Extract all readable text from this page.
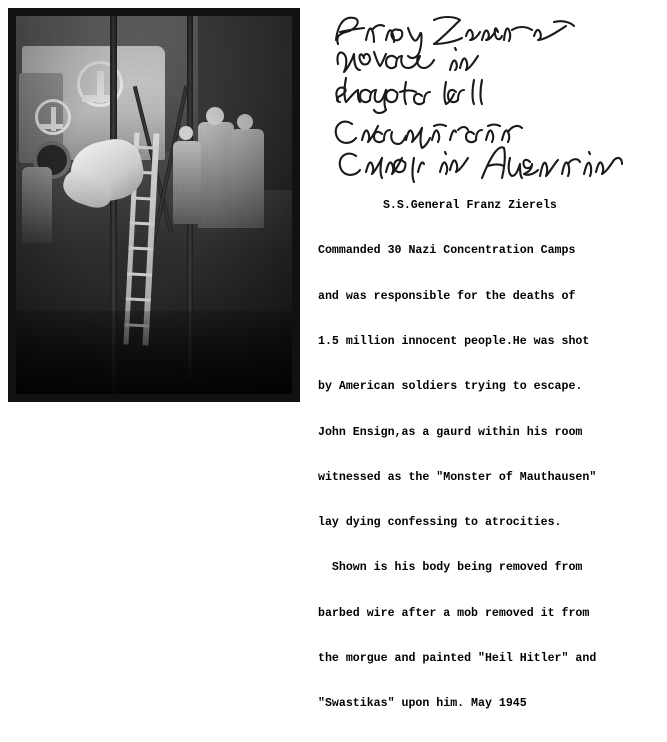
S.S.General Franz Zierels

Commanded 30 Nazi Concentration Camps

and was responsible for the deaths of

1.5 million innocent people.He was shot

by American soldiers trying to escape.

John Ensign,as a gaurd within his room

witnessed as the "Monster of Mauthausen"

lay dying confessing to atrocities.

Shown is his body being removed from

barbed wire after a mob removed it from

the morgue and painted "Heil Hitler" and

"Swastikas" upon him. May 1945
